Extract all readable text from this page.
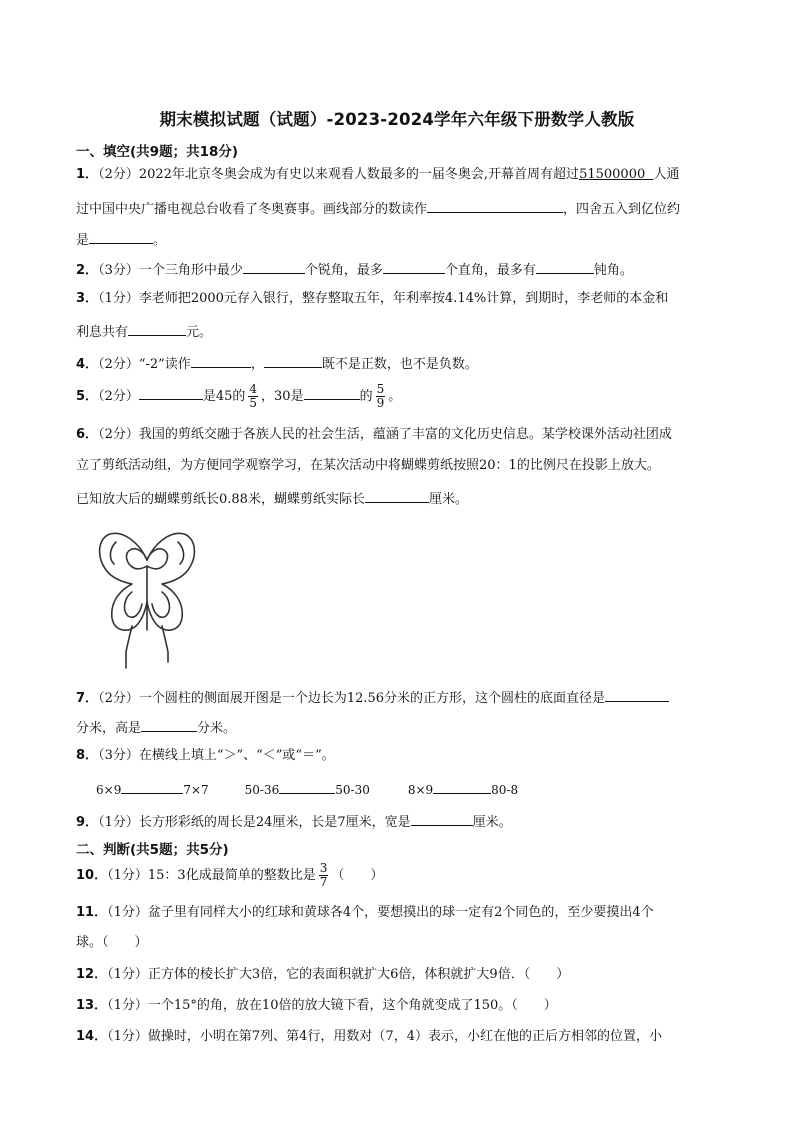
期末模拟试题（试题）-2023-2024学年六年级下册数学人教版
一、填空(共9题；共18分)
1．（2分）2022年北京冬奥会成为有史以来观看人数最多的一届冬奥会,开幕首周有超过51500000 人通
过中国中央广播电视总台收看了冬奥赛事。画线部分的数读作	，四舍五入到亿位约
是	。
2．（3分）一个三角形中最少	个锐角，最多	个直角，最多有	钝角。
3．（1分）李老师把2000元存入银行，整存整取五年，年利率按4.14%计算，到期时，李老师的本金和
利息共有	元。
4．（2分）“-2”读作	，	既不是正数，也不是负数。
5．（2分）	是45的 $\frac{4}{5}$ ，30是	的 $\frac{5}{9}$ 。
6．（2分）我国的剪纸交融于各族人民的社会生活，蕴涵了丰富的文化历史信息。某学校课外活动社团成
立了剪纸活动组，为方便同学观察学习，在某次活动中将蝴蝶剪纸按照20：1的比例尺在投影上放大。
已知放大后的蝴蝶剪纸长0.88米，蝴蝶剪纸实际长	厘米。
7．（2分）一个圆柱的侧面展开图是一个边长为12.56分米的正方形，这个圆柱的底面直径是
分米，高是	分米。
8．（3分）在横线上填上“＞”、“＜”或“＝”。
6×9	7×7	50-36	50-30	8×9	80-8
9．（1分）长方形彩纸的周长是24厘米，长是7厘米，宽是	厘米。
二、判断(共5题；共5分)
10．（1分）15：3化成最简单的整数比是 $\frac{3}{7}$ （　　）
11．（1分）盆子里有同样大小的红球和黄球各4个，要想摸出的球一定有2个同色的，至少要摸出4个
球。（　　）
12．（1分）正方体的棱长扩大3倍，它的表面积就扩大6倍，体积就扩大9倍．（　　）
13．（1分）一个15°的角，放在10倍的放大镜下看，这个角就变成了150。（　　）
14．（1分）做操时，小明在第7列、第4行，用数对（7，4）表示，小红在他的正后方相邻的位置，小
